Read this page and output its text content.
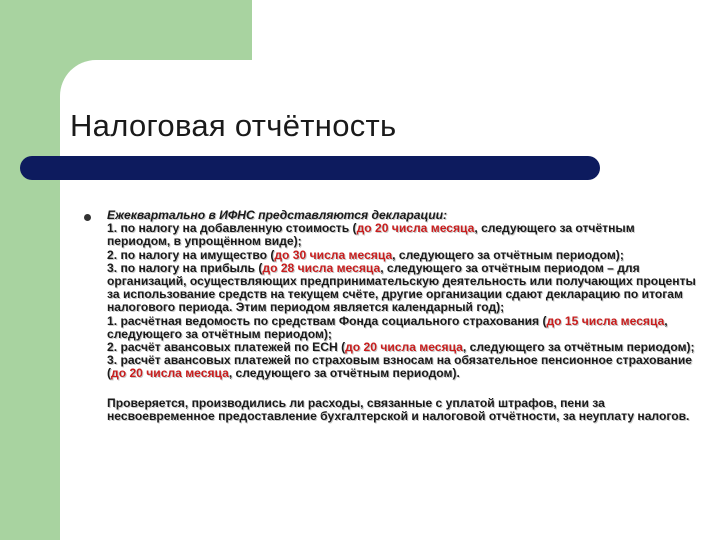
Налоговая отчётность

Ежеквартально в ИФНС представляются декларации:

1. по налогу на добавленную стоимость (до 20 числа месяца, следующего за отчётным периодом, в упрощённом виде);

2. по налогу на имущество (до 30 числа месяца, следующего за отчётным периодом);

3. по налогу на прибыль (до 28 числа месяца, следующего за отчётным периодом – для организаций, осуществляющих предпринимательскую деятельность или получающих проценты за использование средств на текущем счёте, другие организации сдают декларацию по итогам налогового периода. Этим периодом является календарный год);

1. расчётная ведомость по средствам Фонда социального страхования (до 15 числа месяца, следующего за отчётным периодом);

2. расчёт авансовых платежей по ЕСН (до 20 числа месяца, следующего за отчётным периодом);

3. расчёт авансовых платежей по страховым взносам на обязательное пенсионное страхование (до 20 числа месяца, следующего за отчётным периодом).

Проверяется, производились ли расходы, связанные с уплатой штрафов, пени за несвоевременное предоставление бухгалтерской и налоговой отчётности, за неуплату налогов.
